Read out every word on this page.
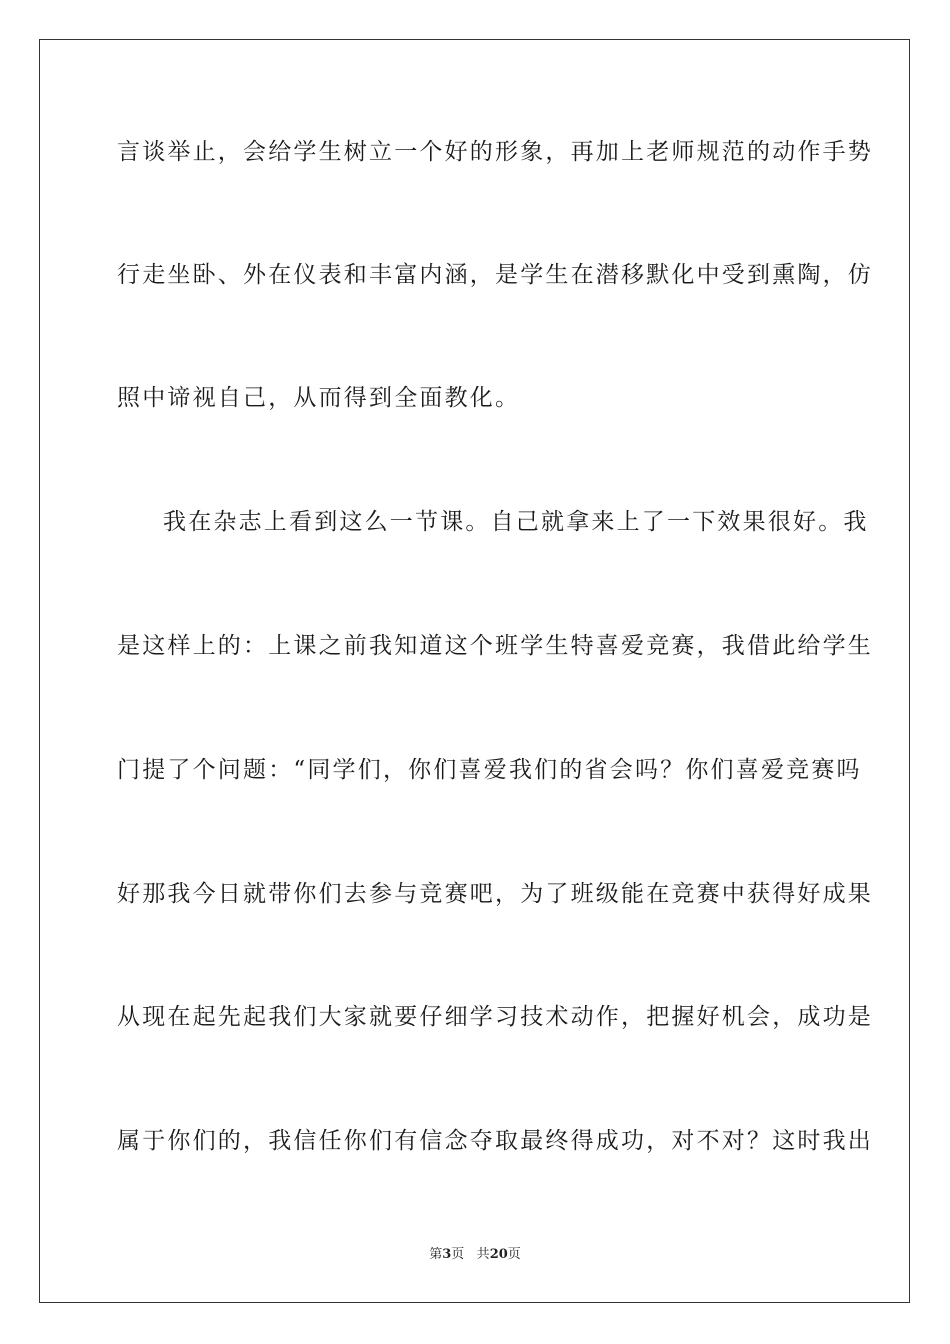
言谈举止，会给学生树立一个好的形象，再加上老师规范的动作手势
行走坐卧、外在仪表和丰富内涵，是学生在潜移默化中受到熏陶，仿
照中谛视自己，从而得到全面教化。
我在杂志上看到这么一节课。自己就拿来上了一下效果很好。我
是这样上的：上课之前我知道这个班学生特喜爱竞赛，我借此给学生
门提了个问题：“同学们，你们喜爱我们的省会吗？你们喜爱竞赛吗
好那我今日就带你们去参与竞赛吧，为了班级能在竞赛中获得好成果
从现在起先起我们大家就要仔细学习技术动作，把握好机会，成功是
属于你们的，我信任你们有信念夺取最终得成功，对不对？这时我出
第3页 共20页
